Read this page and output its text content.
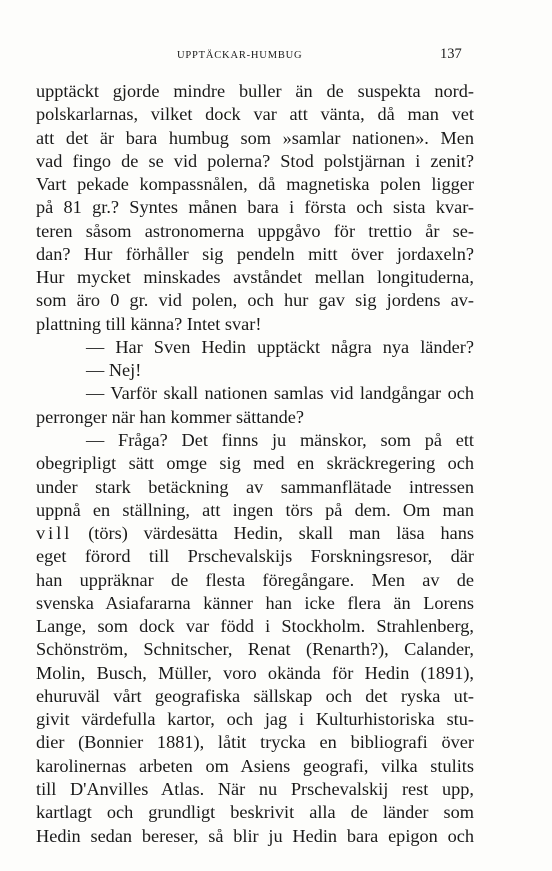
UPPTÄCKAR-HUMBUG	137
upptäckt gjorde mindre buller än de suspekta nord-
polskarlarnas, vilket dock var att vänta, då man vet
att det är bara humbug som »samlar nationen». Men
vad fingo de se vid polerna? Stod polstjärnan i zenit?
Vart pekade kompassnålen, då magnetiska polen ligger
på 81 gr.? Syntes månen bara i första och sista kvar-
teren såsom astronomerna uppgåvo för trettio år se-
dan? Hur förhåller sig pendeln mitt över jordaxeln?
Hur mycket minskades avståndet mellan longituderna,
som äro 0 gr. vid polen, och hur gav sig jordens av-
plattning till känna? Intet svar!
— Har Sven Hedin upptäckt några nya länder?
— Nej!
— Varför skall nationen samlas vid landgångar och
perronger när han kommer sättande?
— Fråga? Det finns ju mänskor, som på ett
obegripligt sätt omge sig med en skräckregering och
under stark betäckning av sammanflätade intressen
uppnå en ställning, att ingen törs på dem. Om man
vill (törs) värdesätta Hedin, skall man läsa hans
eget förord till Prschevalskijs Forskningsresor, där
han uppräknar de flesta föregångare. Men av de
svenska Asiafararna känner han icke flera än Lorens
Lange, som dock var född i Stockholm. Strahlenberg,
Schönström, Schnitscher, Renat (Renarth?), Calander,
Molin, Busch, Müller, voro okända för Hedin (1891),
ehuruväl vårt geografiska sällskap och det ryska ut-
givit värdefulla kartor, och jag i Kulturhistoriska stu-
dier (Bonnier 1881), låtit trycka en bibliografi över
karolinernas arbeten om Asiens geografi, vilka stulits
till D'Anvilles Atlas. När nu Prschevalskij rest upp,
kartlagt och grundligt beskrivit alla de länder som
Hedin sedan bereser, så blir ju Hedin bara epigon och
